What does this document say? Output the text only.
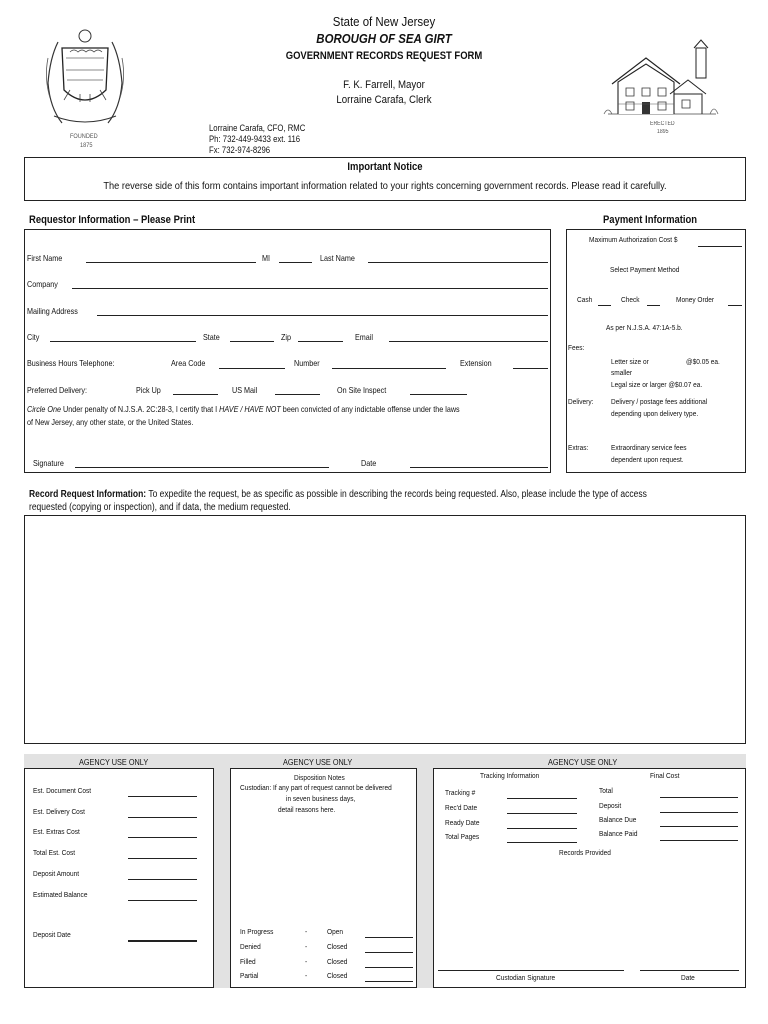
FOUNDED
1875
State of New Jersey
BOROUGH OF SEA GIRT
GOVERNMENT RECORDS REQUEST FORM
F. K. Farrell, Mayor
Lorraine Carafa, Clerk
Lorraine Carafa, CFO, RMC
Ph: 732-449-9433 ext. 116
Fx: 732-974-8296
ERECTED
1895
Important Notice
The reverse side of this form contains important information related to your rights concerning government records. Please read it carefully.
Requestor Information – Please Print
First Name	MI	Last Name
Company
Mailing Address
City	State	Zip	Email
Business Hours Telephone:	Area Code	Number	Extension
Preferred Delivery:	Pick Up	US Mail	On Site Inspect
Circle One Under penalty of N.J.S.A. 2C:28-3, I certify that I HAVE / HAVE NOT been convicted of any indictable offense under the laws
of New Jersey, any other state, or the United States.
Signature	Date
Payment Information
Maximum Authorization Cost $
Select Payment Method
Cash	Check	Money Order
As per N.J.S.A. 47:1A-5.b.
Fees:
Letter size or	@$0.05 ea.
smaller
Legal size or larger @$0.07 ea.
Delivery: Delivery / postage fees additional
depending upon delivery type.
Extras:	Extraordinary service fees
dependent upon request.
Record Request Information: To expedite the request, be as specific as possible in describing the records being requested. Also, please include the type of access
requested (copying or inspection), and if data, the medium requested.
AGENCY USE ONLY	AGENCY USE ONLY	AGENCY USE ONLY
Est. Document Cost
Est. Delivery Cost
Est. Extras Cost
Total Est. Cost
Deposit Amount
Estimated Balance
Deposit Date
Disposition Notes
Custodian: If any part of request cannot be delivered
in seven business days,
detail reasons here.
In Progress	-	Open
Denied	-	Closed
Filled	-	Closed
Partial	-	Closed
Tracking Information	Final Cost
Tracking #
Rec'd Date
Ready Date
Total Pages
Total
Deposit
Balance Due
Balance Paid
Records Provided
Custodian Signature	Date
